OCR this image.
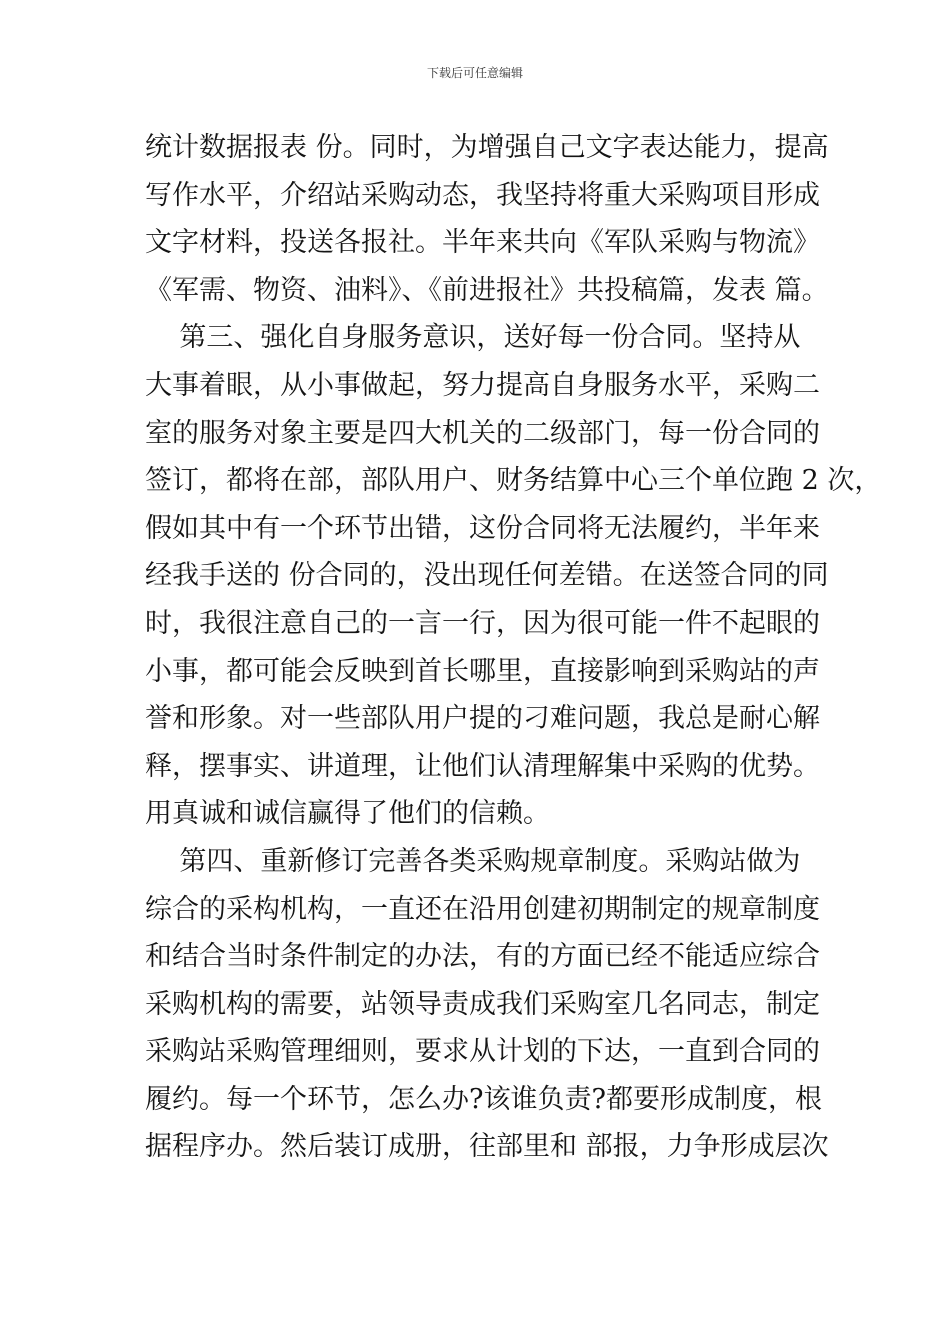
下载后可任意编辑
统计数据报表 份。同时，为增强自己文字表达能力，提高
写作水平，介绍站采购动态，我坚持将重大采购项目形成
文字材料，投送各报社。半年来共向《军队采购与物流》
《军需、物资、油料》、《前进报社》共投稿篇，发表 篇。
第三、强化自身服务意识，送好每一份合同。坚持从
大事着眼，从小事做起，努力提高自身服务水平，采购二
室的服务对象主要是四大机关的二级部门，每一份合同的
签订，都将在部，部队用户、财务结算中心三个单位跑 2 次，
假如其中有一个环节出错，这份合同将无法履约，半年来
经我手送的 份合同的，没出现任何差错。在送签合同的同
时，我很注意自己的一言一行，因为很可能一件不起眼的
小事，都可能会反映到首长哪里，直接影响到采购站的声
誉和形象。对一些部队用户提的刁难问题，我总是耐心解
释，摆事实、讲道理，让他们认清理解集中采购的优势。
用真诚和诚信赢得了他们的信赖。
第四、重新修订完善各类采购规章制度。采购站做为
综合的采构机构，一直还在沿用创建初期制定的规章制度
和结合当时条件制定的办法，有的方面已经不能适应综合
采购机构的需要，站领导责成我们采购室几名同志，制定
采购站采购管理细则，要求从计划的下达，一直到合同的
履约。每一个环节，怎么办?该谁负责?都要形成制度，根
据程序办。然后装订成册，往部里和 部报，力争形成层次
